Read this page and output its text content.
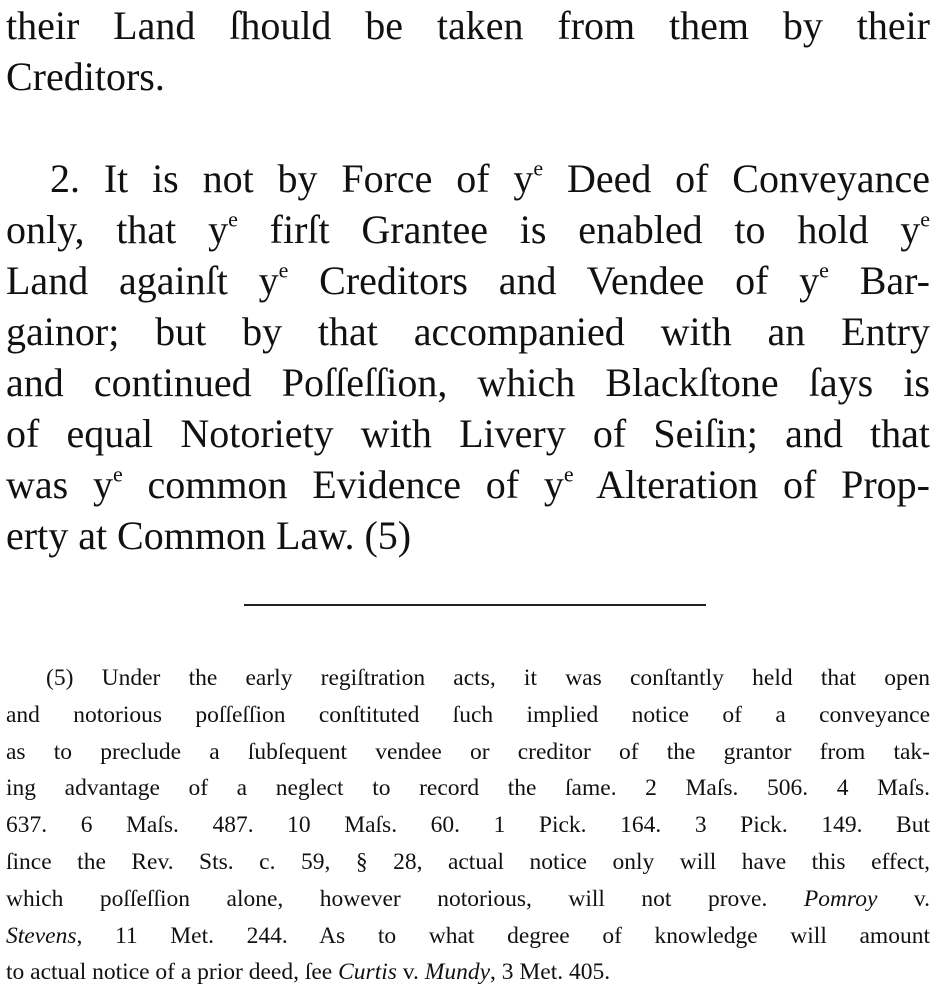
their Land ſhould be taken from them by their
Creditors.
2. It is not by Force of $y^e$ Deed of Conveyance
only, that $y^e$ firſt Grantee is enabled to hold $y^e$
Land againſt $y^e$ Creditors and Vendee of $y^e$ Bar-
gainor; but by that accompanied with an Entry
and continued Poſſeſſion, which Blackſtone ſays is
of equal Notoriety with Livery of Seiſin; and that
was $y^e$ common Evidence of $y^e$ Alteration of Prop-
erty at Common Law. (5)
(5) Under the early regiſtration acts, it was conſtantly held that open
and notorious poſſeſſion conſtituted ſuch implied notice of a conveyance
as to preclude a ſubſequent vendee or creditor of the grantor from tak-
ing advantage of a neglect to record the ſame. 2 Maſs. 506. 4 Maſs.
637. 6 Maſs. 487. 10 Maſs. 60. 1 Pick. 164. 3 Pick. 149. But
ſince the Rev. Sts. c. 59, § 28, actual notice only will have this effect,
which poſſeſſion alone, however notorious, will not prove. Pomroy v.
Stevens, 11 Met. 244. As to what degree of knowledge will amount
to actual notice of a prior deed, ſee Curtis v. Mundy, 3 Met. 405.
